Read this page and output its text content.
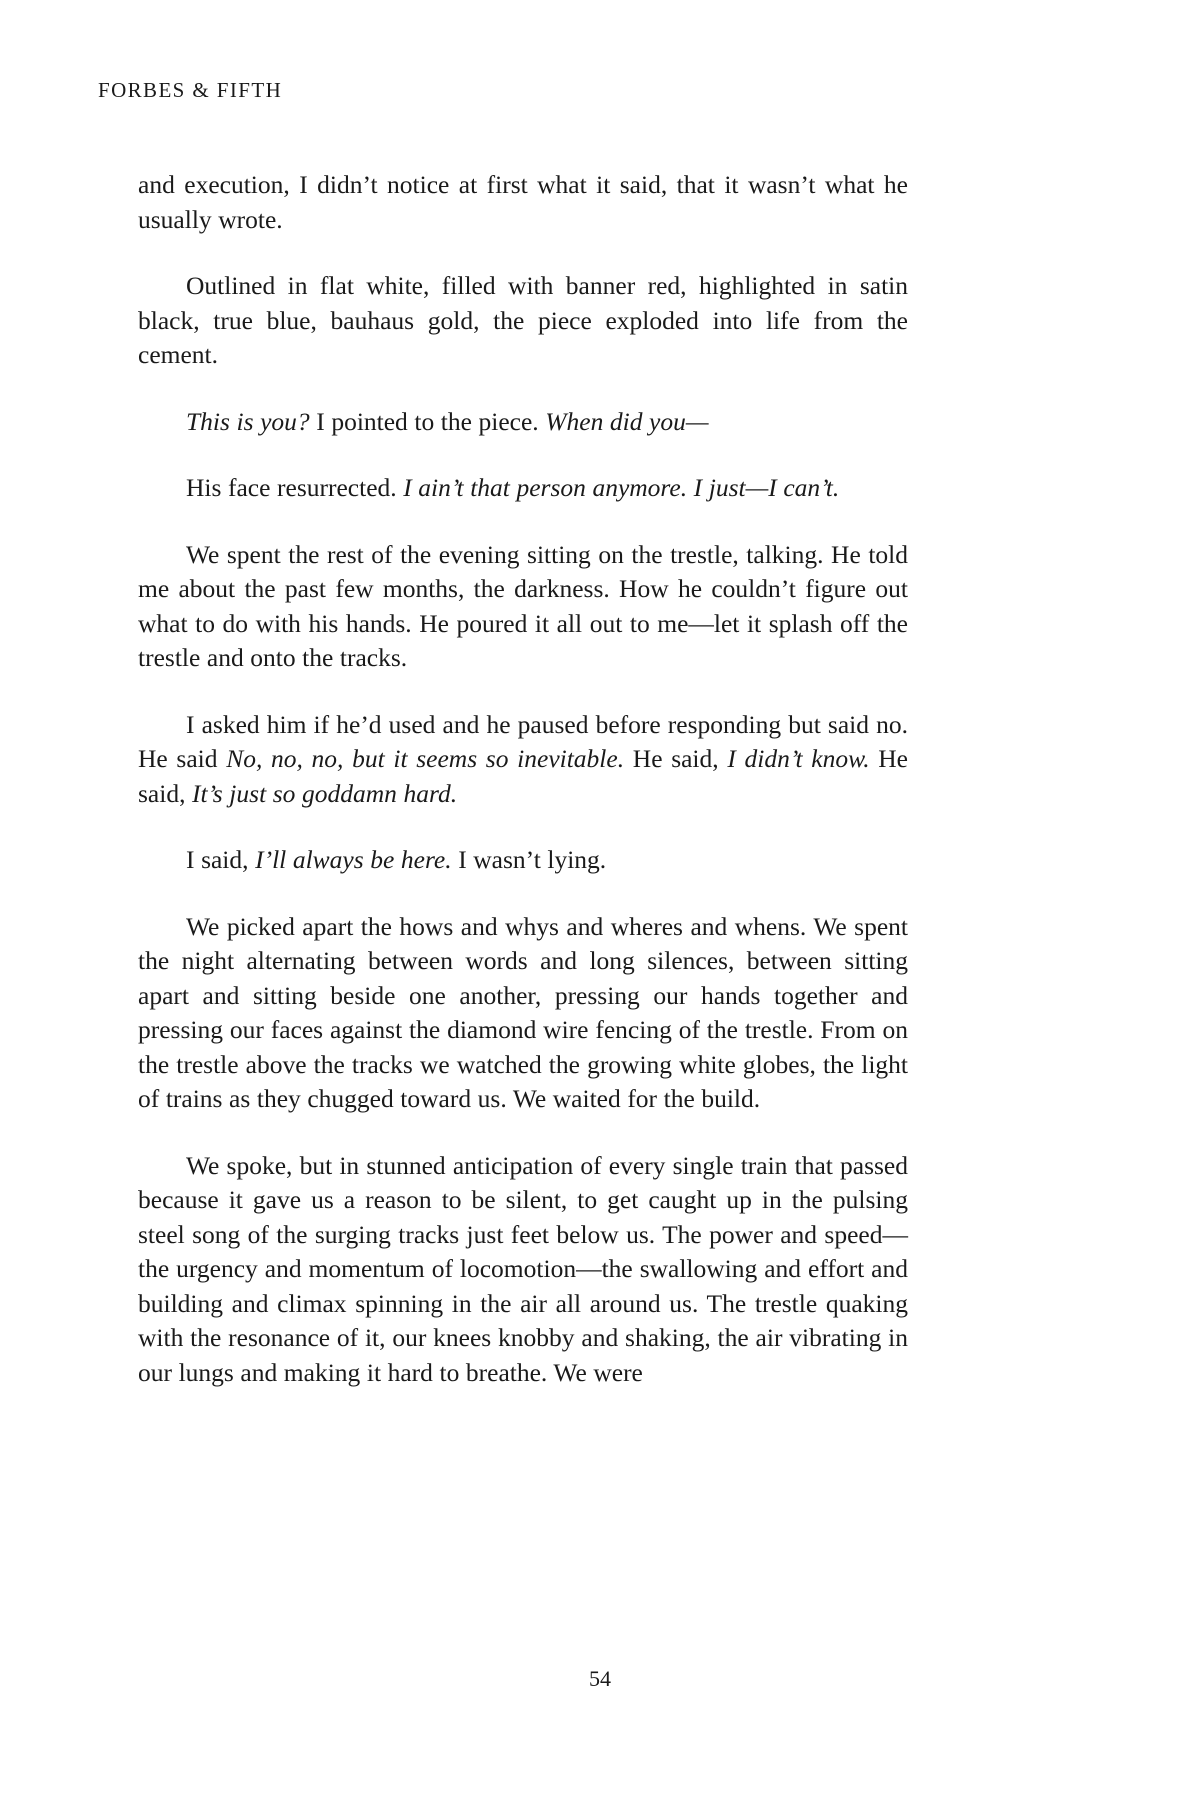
FORBES & FIFTH

and execution, I didn’t notice at first what it said, that it wasn’t what he usually wrote.

Outlined in flat white, filled with banner red, highlighted in satin black, true blue, bauhaus gold, the piece exploded into life from the cement.

This is you? I pointed to the piece. When did you—

His face resurrected. I ain’t that person anymore. I just—I can’t.

We spent the rest of the evening sitting on the trestle, talking. He told me about the past few months, the darkness. How he couldn’t figure out what to do with his hands. He poured it all out to me—let it splash off the trestle and onto the tracks.

I asked him if he’d used and he paused before responding but said no. He said No, no, no, but it seems so inevitable. He said, I didn’t know. He said, It’s just so goddamn hard.

I said, I’ll always be here. I wasn’t lying.

We picked apart the hows and whys and wheres and whens. We spent the night alternating between words and long silences, between sitting apart and sitting beside one another, pressing our hands together and pressing our faces against the diamond wire fencing of the trestle. From on the trestle above the tracks we watched the growing white globes, the light of trains as they chugged toward us. We waited for the build.

We spoke, but in stunned anticipation of every single train that passed because it gave us a reason to be silent, to get caught up in the pulsing steel song of the surging tracks just feet below us. The power and speed—the urgency and momentum of locomotion—the swallowing and effort and building and climax spinning in the air all around us. The trestle quaking with the resonance of it, our knees knobby and shaking, the air vibrating in our lungs and making it hard to breathe. We were

54
